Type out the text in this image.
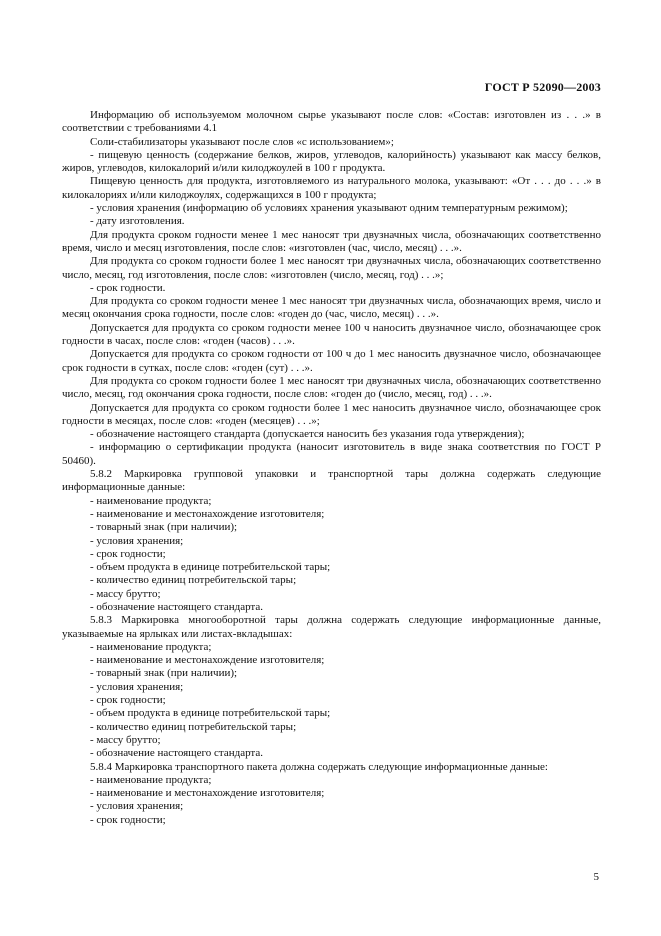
ГОСТ Р 52090—2003

Информацию об используемом молочном сырье указывают после слов: «Состав: изготовлен из . . .» в соответствии с требованиями 4.1

Соли-стабилизаторы указывают после слов «с использованием»;

- пищевую ценность (содержание белков, жиров, углеводов, калорийность) указывают как массу белков, жиров, углеводов, килокалорий и/или килоджоулей в 100 г продукта.

Пищевую ценность для продукта, изготовляемого из натурального молока, указывают: «От . . . до . . .» в килокалориях и/или килоджоулях, содержащихся в 100 г продукта;

- условия хранения (информацию об условиях хранения указывают одним температурным режимом);

- дату изготовления.

Для продукта сроком годности менее 1 мес наносят три двузначных числа, обозначающих соответственно время, число и месяц изготовления, после слов: «изготовлен (час, число, месяц) . . .».

Для продукта со сроком годности более 1 мес наносят три двузначных числа, обозначающих соответственно число, месяц, год изготовления, после слов: «изготовлен (число, месяц, год) . . .»;

- срок годности.

Для продукта со сроком годности менее 1 мес наносят три двузначных числа, обозначающих время, число и месяц окончания срока годности, после слов: «годен до (час, число, месяц) . . .».

Допускается для продукта со сроком годности менее 100 ч наносить двузначное число, обозначающее срок годности в часах, после слов: «годен (часов) . . .».

Допускается для продукта со сроком годности от 100 ч до 1 мес наносить двузначное число, обозначающее срок годности в сутках, после слов: «годен (сут) . . .».

Для продукта со сроком годности более 1 мес наносят три двузначных числа, обозначающих соответственно число, месяц, год окончания срока годности, после слов: «годен до (число, месяц, год) . . .».

Допускается для продукта со сроком годности более 1 мес наносить двузначное число, обозначающее срок годности в месяцах, после слов: «годен (месяцев) . . .»;

- обозначение настоящего стандарта (допускается наносить без указания года утверждения);

- информацию о сертификации продукта (наносит изготовитель в виде знака соответствия по ГОСТ Р 50460).

5.8.2 Маркировка групповой упаковки и транспортной тары должна содержать следующие информационные данные:

- наименование продукта;

- наименование и местонахождение изготовителя;

- товарный знак (при наличии);

- условия хранения;

- срок годности;

- объем продукта в единице потребительской тары;

- количество единиц потребительской тары;

- массу брутто;

- обозначение настоящего стандарта.

5.8.3 Маркировка многооборотной тары должна содержать следующие информационные данные, указываемые на ярлыках или листах-вкладышах:

- наименование продукта;

- наименование и местонахождение изготовителя;

- товарный знак (при наличии);

- условия хранения;

- срок годности;

- объем продукта в единице потребительской тары;

- количество единиц потребительской тары;

- массу брутто;

- обозначение настоящего стандарта.

5.8.4 Маркировка транспортного пакета должна содержать следующие информационные данные:

- наименование продукта;

- наименование и местонахождение изготовителя;

- условия хранения;

- срок годности;

5
